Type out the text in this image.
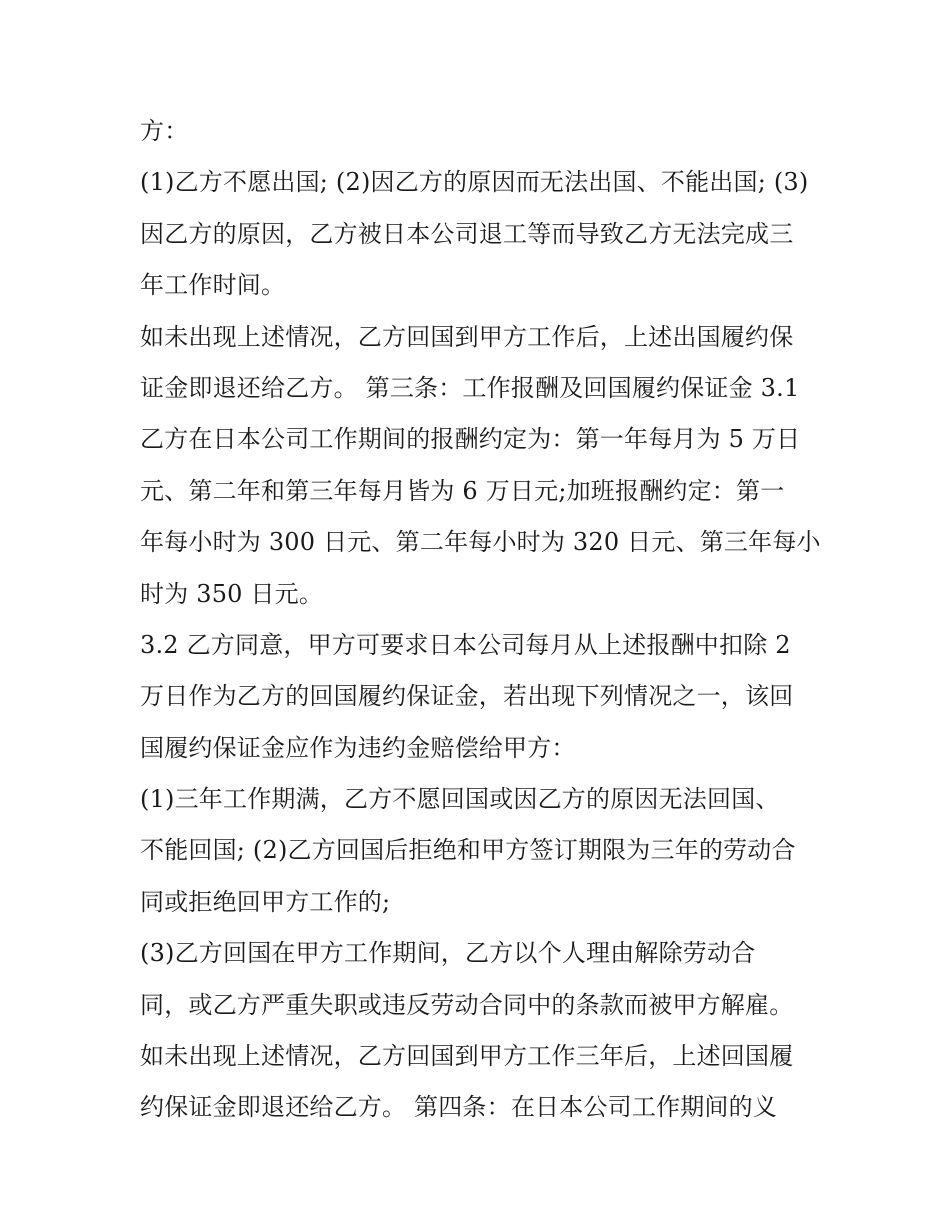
方：
(1)乙方不愿出国; (2)因乙方的原因而无法出国、不能出国; (3)
因乙方的原因，乙方被日本公司退工等而导致乙方无法完成三
年工作时间。
如未出现上述情况，乙方回国到甲方工作后，上述出国履约保
证金即退还给乙方。 第三条：工作报酬及回国履约保证金 3.1
乙方在日本公司工作期间的报酬约定为：第一年每月为 5 万日
元、第二年和第三年每月皆为 6 万日元;加班报酬约定：第一
年每小时为 300 日元、第二年每小时为 320 日元、第三年每小
时为 350 日元。
3.2 乙方同意，甲方可要求日本公司每月从上述报酬中扣除 2
万日作为乙方的回国履约保证金，若出现下列情况之一，该回
国履约保证金应作为违约金赔偿给甲方：
(1)三年工作期满，乙方不愿回国或因乙方的原因无法回国、
不能回国; (2)乙方回国后拒绝和甲方签订期限为三年的劳动合
同或拒绝回甲方工作的;
(3)乙方回国在甲方工作期间，乙方以个人理由解除劳动合
同，或乙方严重失职或违反劳动合同中的条款而被甲方解雇。
如未出现上述情况，乙方回国到甲方工作三年后，上述回国履
约保证金即退还给乙方。 第四条：在日本公司工作期间的义
